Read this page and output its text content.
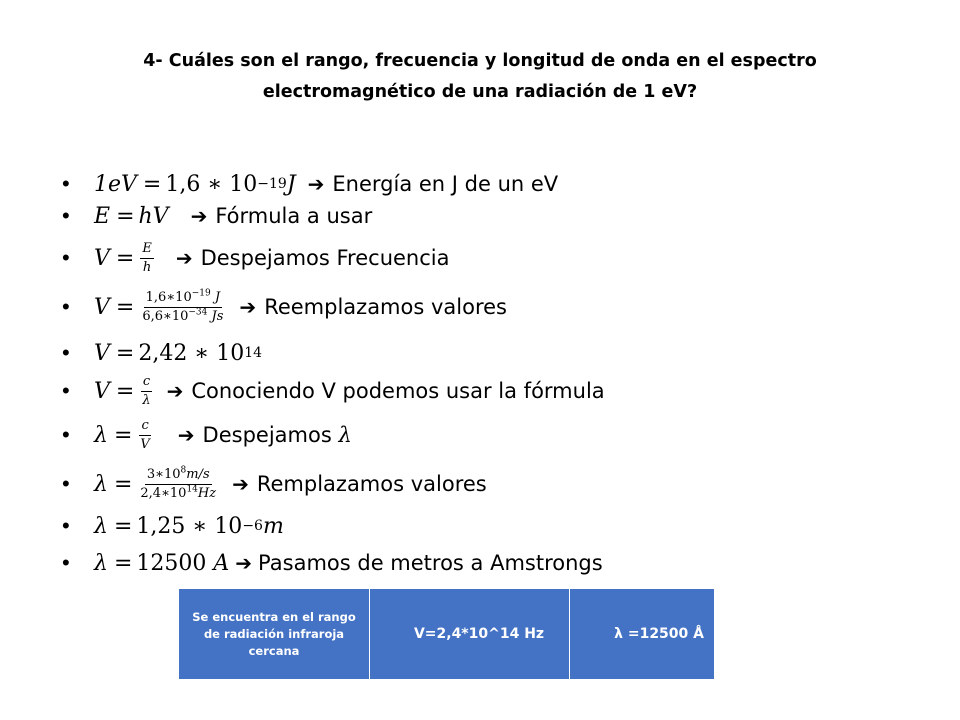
4- Cuáles son el rango, frecuencia y longitud de onda en el espectro
electromagnético de una radiación de 1 eV?
•	1eV = 1,6 ∗ 10 −19 J ➔ Energía en J de un eV
•	E = hV ➔ Fórmula a usar
•	$V = \frac{E}{h}$ ➔ Despejamos Frecuencia
•	$V = \frac{1,6∗10^{-19} J}{6,6∗10^{-34} Js}$ ➔ Reemplazamos valores
•	V = 2,42 ∗ 10 14
•	$V = \frac{c}{\lambda}$ ➔ Conociendo V podemos usar la fórmula
•	$\lambda = \frac{c}{V}$ ➔ Despejamos λ
•	$\lambda = \frac{3∗10^8m/s}{2,4∗10^{14}Hz}$ ➔ Remplazamos valores
•	λ = 1,25 ∗ 10 −6 m
•	λ = 12500
A ➔ Pasamos de metros a Amstrongs
Se encuentra en el rango de radiación infraroja cercana	V=2,4*10^14 Hz	λ =12500 Å
